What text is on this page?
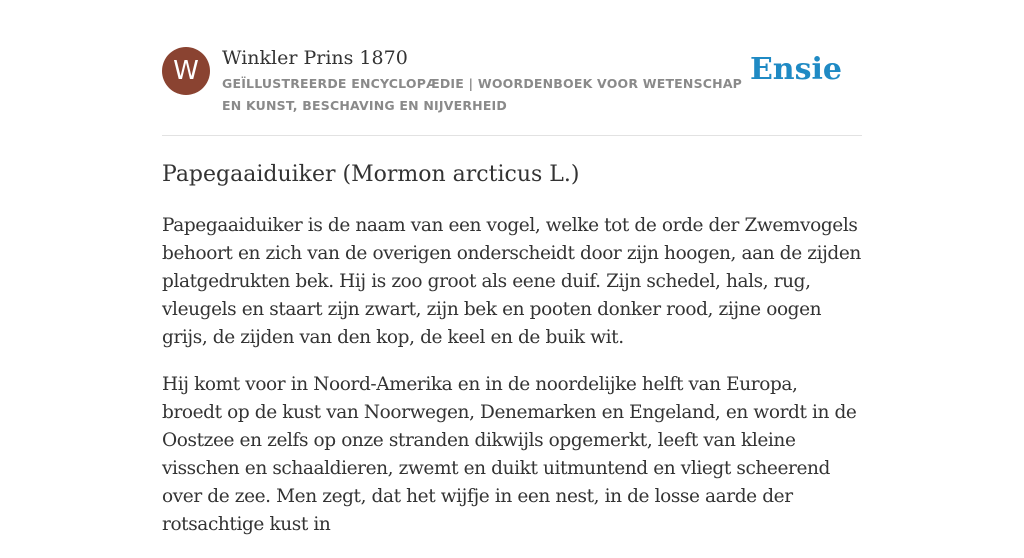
W	Winkler Prins 1870
GEÏLLUSTREERDE ENCYCLOPÆDIE | WOORDENBOEK VOOR WETENSCHAP EN KUNST, BESCHAVING EN NIJVERHEID
Ensie
Papegaaiduiker (Mormon arcticus L.)

Papegaaiduiker is de naam van een vogel, welke tot de orde der Zwemvogels behoort en zich van de overigen onderscheidt door zijn hoogen, aan de zijden platgedrukten bek. Hij is zoo groot als eene duif. Zijn schedel, hals, rug, vleugels en staart zijn zwart, zijn bek en pooten donker rood, zijne oogen grijs, de zijden van den kop, de keel en de buik wit.

Hij komt voor in Noord-Amerika en in de noordelijke helft van Europa, broedt op de kust van Noorwegen, Denemarken en Engeland, en wordt in de Oostzee en zelfs op onze stranden dikwijls opgemerkt, leeft van kleine visschen en schaaldieren, zwemt en duikt uitmuntend en vliegt scheerend over de zee. Men zegt, dat het wijfje in een nest, in de losse aarde der rotsachtige kust in
